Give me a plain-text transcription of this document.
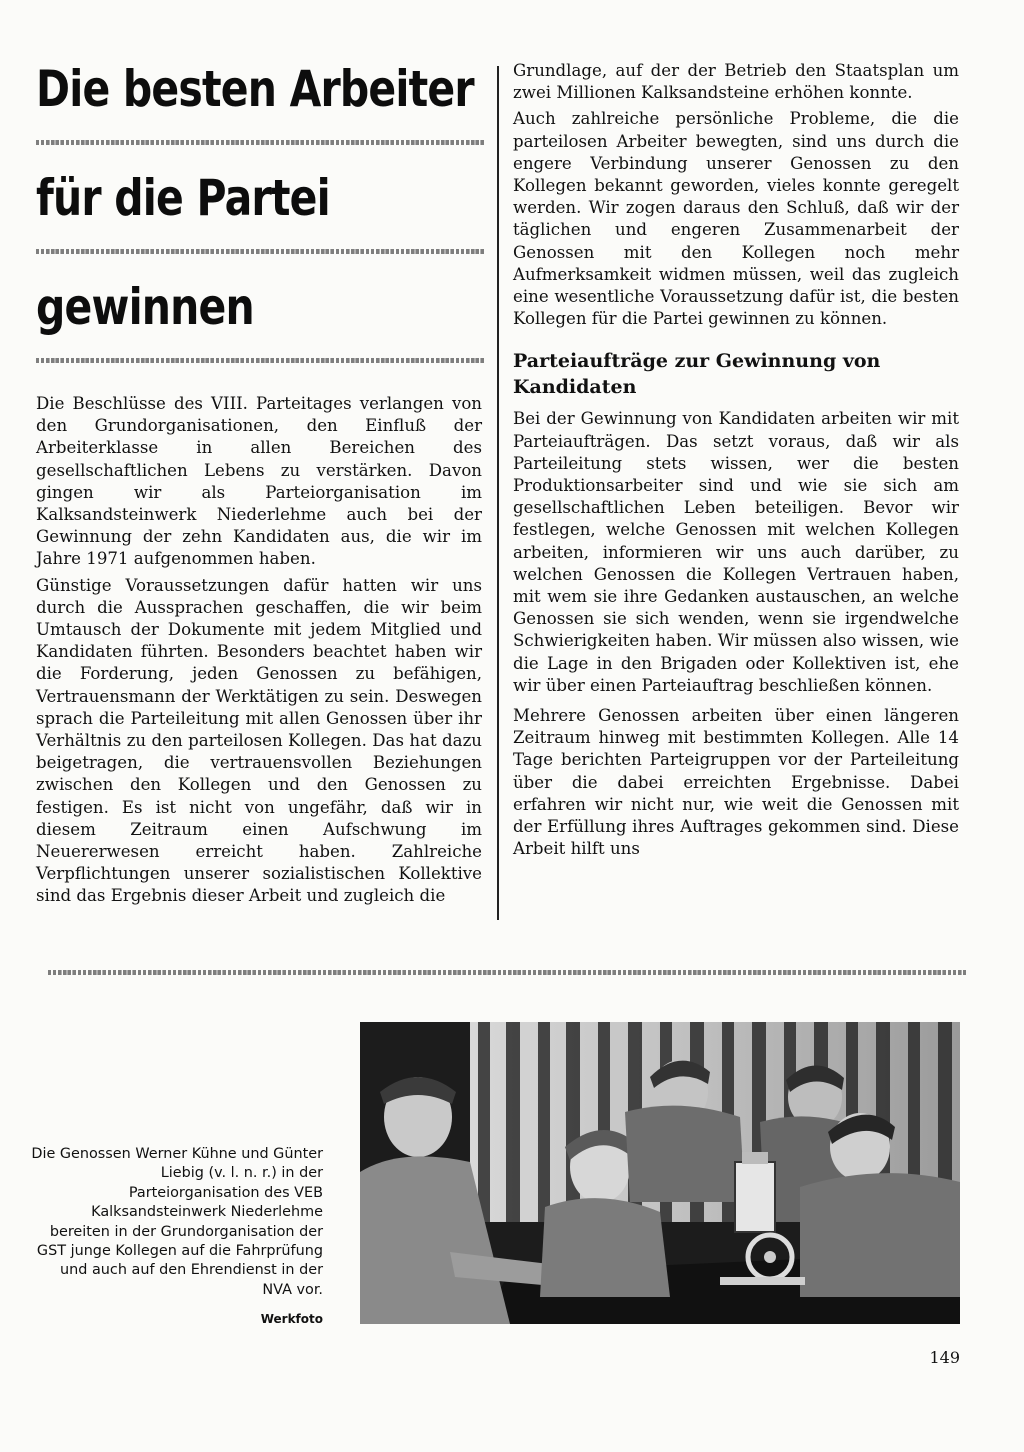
Die besten Arbeiter
für die Partei
gewinnen

Die Beschlüsse des VIII. Parteitages verlangen von den Grundorganisationen, den Einfluß der Arbeiterklasse in allen Bereichen des gesellschaftlichen Lebens zu verstärken. Davon gingen wir als Parteiorganisation im Kalksandsteinwerk Niederlehme auch bei der Gewinnung der zehn Kandidaten aus, die wir im Jahre 1971 aufgenommen haben.

Günstige Voraussetzungen dafür hatten wir uns durch die Aussprachen geschaffen, die wir beim Umtausch der Dokumente mit jedem Mitglied und Kandidaten führten. Besonders beachtet haben wir die Forderung, jeden Genossen zu befähigen, Vertrauensmann der Werktätigen zu sein. Deswegen sprach die Parteileitung mit allen Genossen über ihr Verhältnis zu den parteilosen Kollegen. Das hat dazu beigetragen, die vertrauensvollen Beziehungen zwischen den Kollegen und den Genossen zu festigen. Es ist nicht von ungefähr, daß wir in diesem Zeitraum einen Aufschwung im Neuererwesen erreicht haben. Zahlreiche Verpflichtungen unserer sozialistischen Kollektive sind das Ergebnis dieser Arbeit und zugleich die

Grundlage, auf der der Betrieb den Staatsplan um zwei Millionen Kalksandsteine erhöhen konnte.

Auch zahlreiche persönliche Probleme, die die parteilosen Arbeiter bewegten, sind uns durch die engere Verbindung unserer Genossen zu den Kollegen bekannt geworden, vieles konnte geregelt werden. Wir zogen daraus den Schluß, daß wir der täglichen und engeren Zusammenarbeit der Genossen mit den Kollegen noch mehr Aufmerksamkeit widmen müssen, weil das zugleich eine wesentliche Voraussetzung dafür ist, die besten Kollegen für die Partei gewinnen zu können.

Parteiaufträge zur Gewinnung von Kandidaten

Bei der Gewinnung von Kandidaten arbeiten wir mit Parteiaufträgen. Das setzt voraus, daß wir als Parteileitung stets wissen, wer die besten Produktionsarbeiter sind und wie sie sich am gesellschaftlichen Leben beteiligen. Bevor wir festlegen, welche Genossen mit welchen Kollegen arbeiten, informieren wir uns auch darüber, zu welchen Genossen die Kollegen Vertrauen haben, mit wem sie ihre Gedanken austauschen, an welche Genossen sie sich wenden, wenn sie irgendwelche Schwierigkeiten haben. Wir müssen also wissen, wie die Lage in den Brigaden oder Kollektiven ist, ehe wir über einen Parteiauftrag beschließen können.

Mehrere Genossen arbeiten über einen längeren Zeitraum hinweg mit bestimmten Kollegen. Alle 14 Tage berichten Parteigruppen vor der Parteileitung über die dabei erreichten Ergebnisse. Dabei erfahren wir nicht nur, wie weit die Genossen mit der Erfüllung ihres Auftrages gekommen sind. Diese Arbeit hilft uns

Die Genossen Werner Kühne und Günter Liebig (v. l. n. r.) in der Parteiorganisation des VEB Kalksandsteinwerk Niederlehme bereiten in der Grundorganisation der GST junge Kollegen auf die Fahrprüfung und auch auf den Ehrendienst in der NVA vor.
Werkfoto
149
